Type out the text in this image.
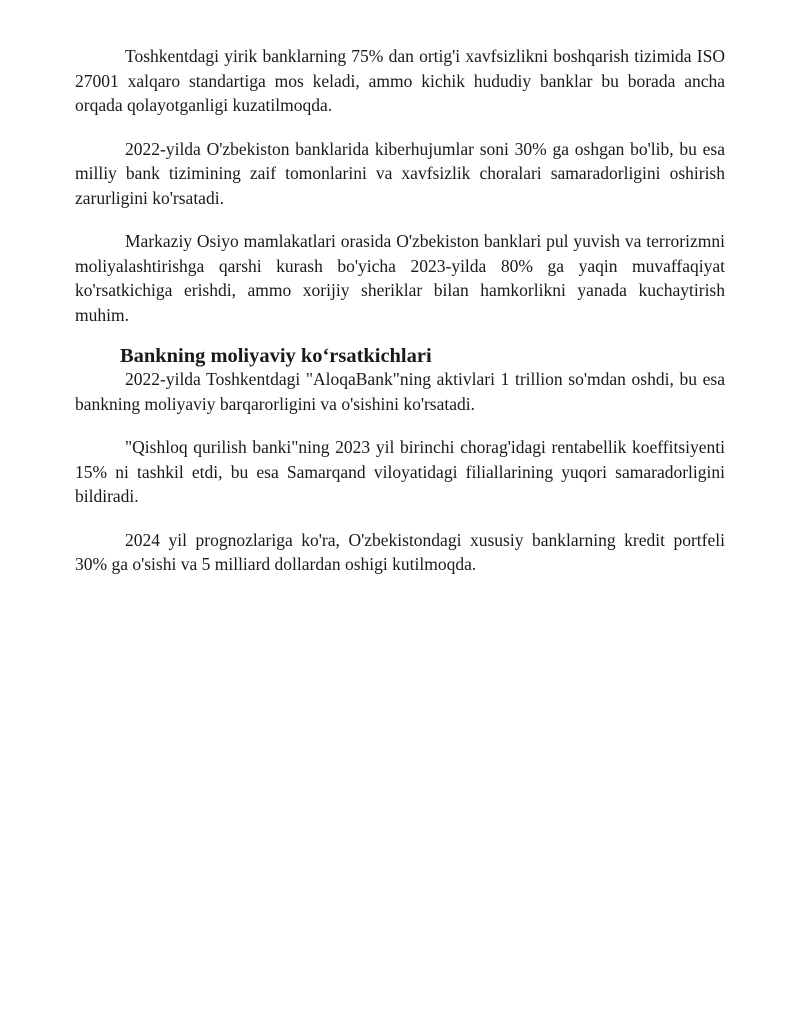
Toshkentdagi yirik banklarning 75% dan ortig'i xavfsizlikni boshqarish tizimida ISO 27001 xalqaro standartiga mos keladi, ammo kichik hududiy banklar bu borada ancha orqada qolayotganligi kuzatilmoqda.

2022-yilda O'zbekiston banklarida kiberhujumlar soni 30% ga oshgan bo'lib, bu esa milliy bank tizimining zaif tomonlarini va xavfsizlik choralari samaradorligini oshirish zarurligini ko'rsatadi.

Markaziy Osiyo mamlakatlari orasida O'zbekiston banklari pul yuvish va terrorizmni moliyalashtirishga qarshi kurash bo'yicha 2023-yilda 80% ga yaqin muvaffaqiyat ko'rsatkichiga erishdi, ammo xorijiy sheriklar bilan hamkorlikni yanada kuchaytirish muhim.

Bankning moliyaviy koʻrsatkichlari

2022-yilda Toshkentdagi "AloqaBank"ning aktivlari 1 trillion so'mdan oshdi, bu esa bankning moliyaviy barqarorligini va o'sishini ko'rsatadi.

"Qishloq qurilish banki"ning 2023 yil birinchi chorag'idagi rentabellik koeffitsiyenti 15% ni tashkil etdi, bu esa Samarqand viloyatidagi filiallarining yuqori samaradorligini bildiradi.

2024 yil prognozlariga ko'ra, O'zbekistondagi xususiy banklarning kredit portfeli 30% ga o'sishi va 5 milliard dollardan oshigi kutilmoqda.
